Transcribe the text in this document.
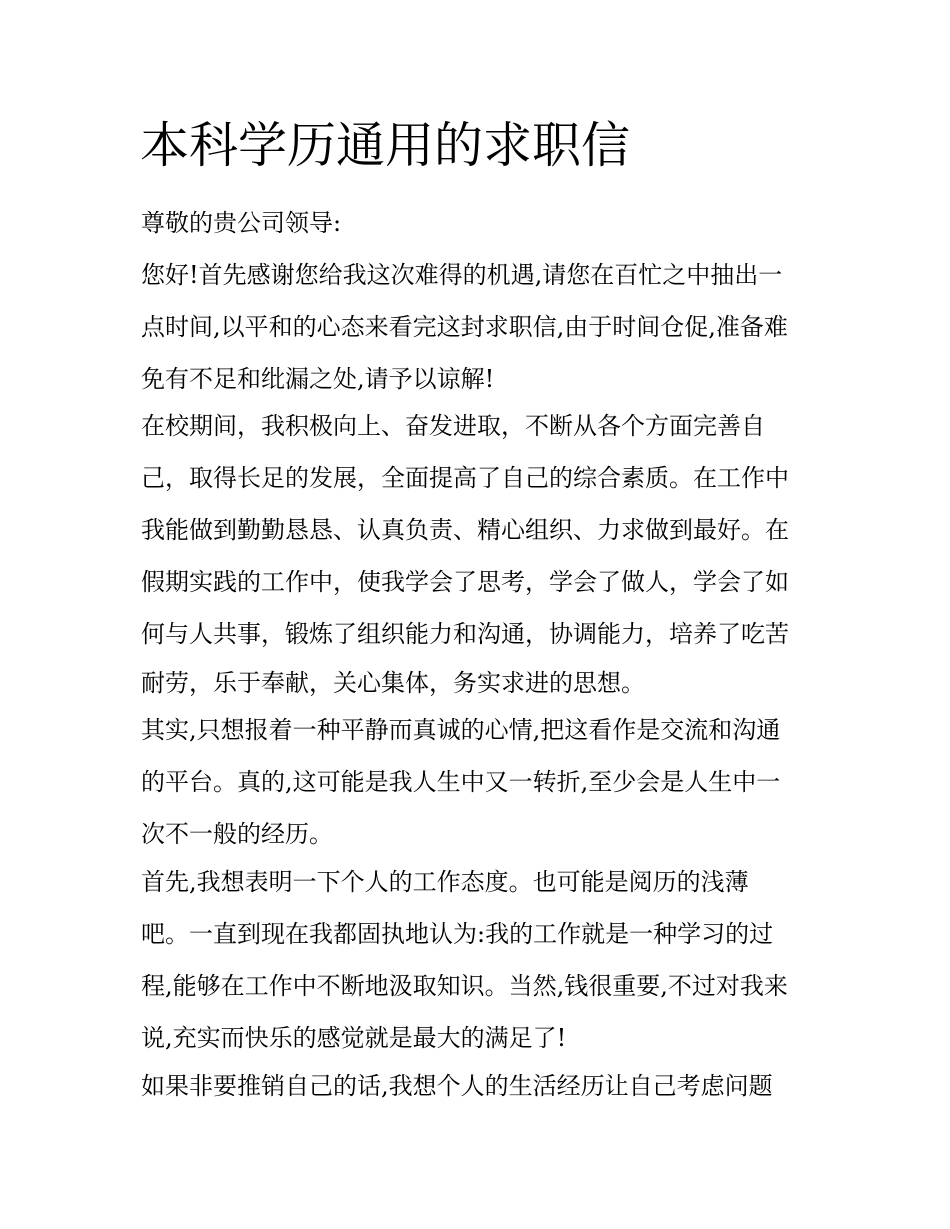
本科学历通用的求职信

尊敬的贵公司领导:

您好!首先感谢您给我这次难得的机遇,请您在百忙之中抽出一

点时间,以平和的心态来看完这封求职信,由于时间仓促,准备难

免有不足和纰漏之处,请予以谅解!

在校期间，我积极向上、奋发进取，不断从各个方面完善自

己，取得长足的发展，全面提高了自己的综合素质。在工作中

我能做到勤勤恳恳、认真负责、精心组织、力求做到最好。在

假期实践的工作中，使我学会了思考，学会了做人，学会了如

何与人共事，锻炼了组织能力和沟通，协调能力，培养了吃苦

耐劳，乐于奉献，关心集体，务实求进的思想。

其实,只想报着一种平静而真诚的心情,把这看作是交流和沟通

的平台。真的,这可能是我人生中又一转折,至少会是人生中一

次不一般的经历。

首先,我想表明一下个人的工作态度。也可能是阅历的浅薄

吧。一直到现在我都固执地认为:我的工作就是一种学习的过

程,能够在工作中不断地汲取知识。当然,钱很重要,不过对我来

说,充实而快乐的感觉就是最大的满足了!

如果非要推销自己的话,我想个人的生活经历让自己考虑问题
